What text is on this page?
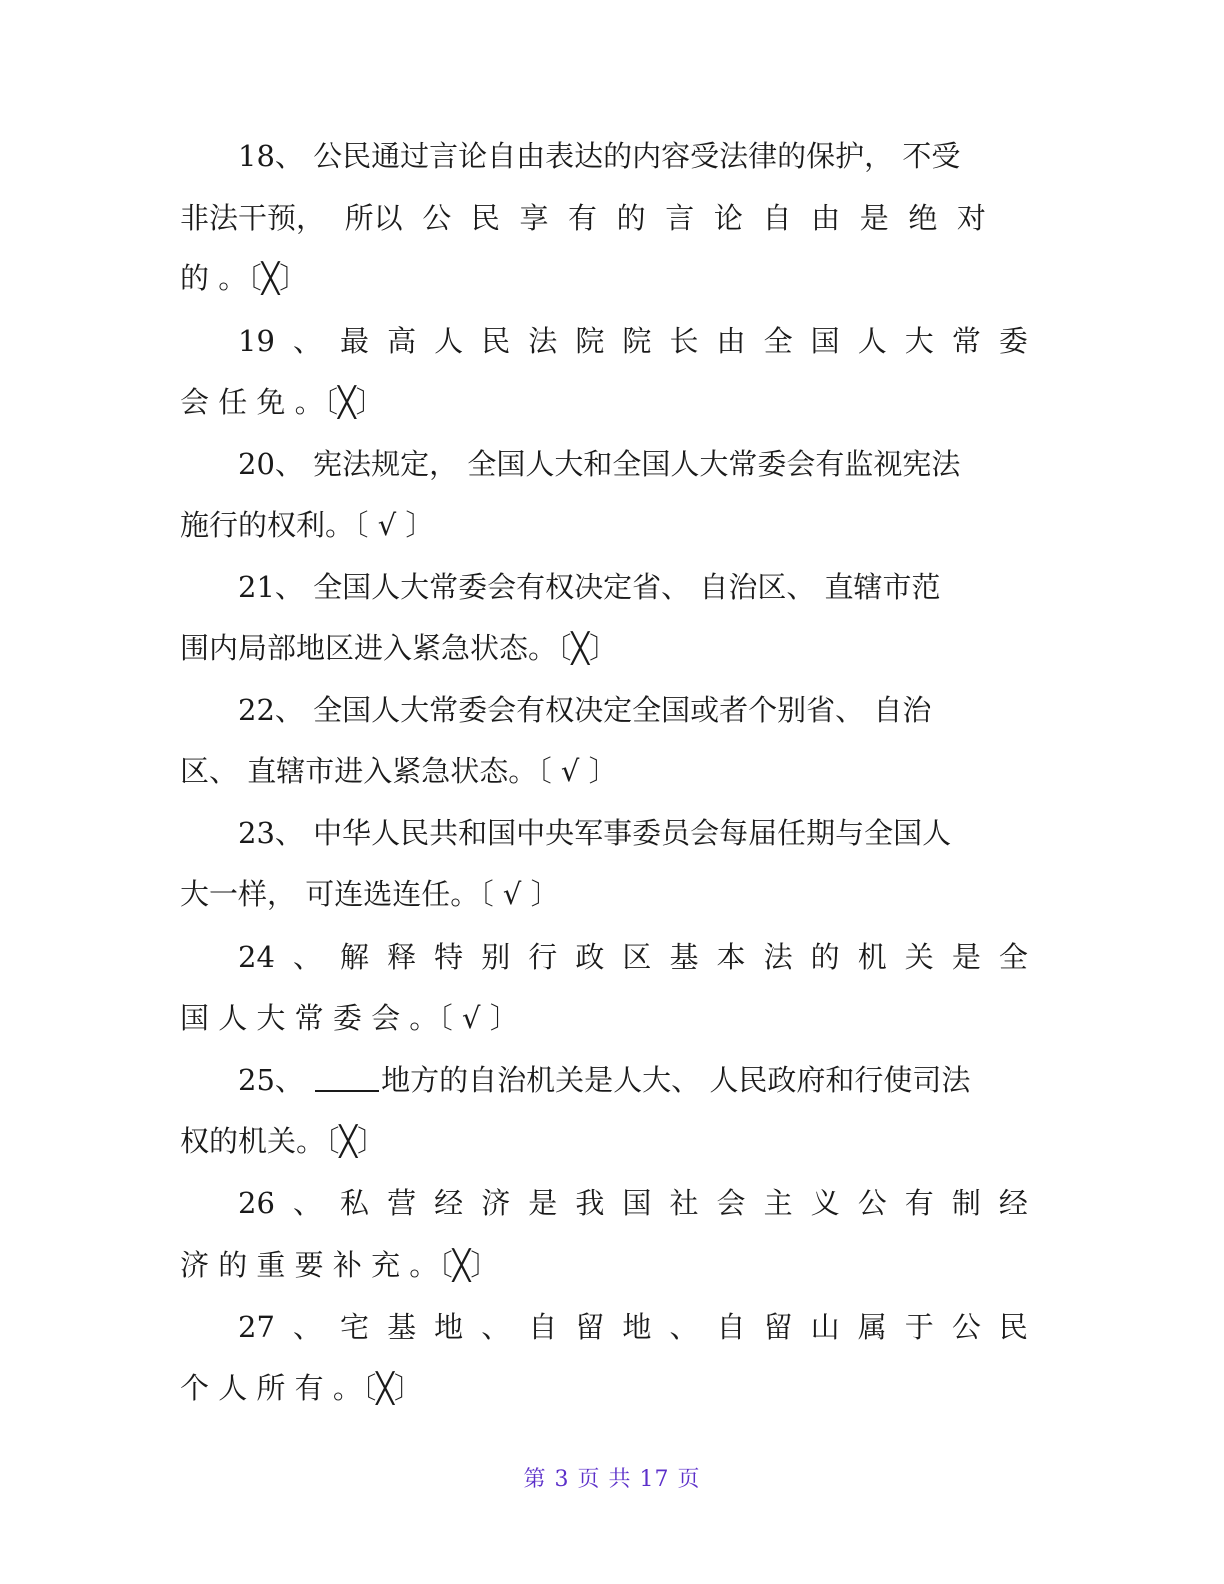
18、 公民通过言论自由表达的内容受法律的保护， 不受
非法干预， 所以 公 民 享 有 的 言 论 自 由 是 绝 对
的 。〔╳〕
19 、 最 高 人 民 法 院 院 长 由 全 国 人 大 常 委
会 任 免 。〔╳〕
20、 宪法规定， 全国人大和全国人大常委会有监视宪法
施行的权利。〔 √ 〕
21、 全国人大常委会有权决定省、 自治区、 直辖市范
围内局部地区进入紧急状态。〔╳〕
22、 全国人大常委会有权决定全国或者个别省、 自治
区、 直辖市进入紧急状态。〔 √ 〕
23、 中华人民共和国中央军事委员会每届任期与全国人
大一样， 可连选连任。〔 √ 〕
24 、 解 释 特 别 行 政 区 基 本 法 的 机 关 是 全
国 人 大 常 委 会 。〔 √ 〕
25、	地方的自治机关是人大、 人民政府和行使司法
权的机关。〔╳〕
26 、 私 营 经 济 是 我 国 社 会 主 义 公 有 制 经
济 的 重 要 补 充 。〔╳〕
27 、 宅 基 地 、 自 留 地 、 自 留 山 属 于 公 民
个 人 所 有 。〔╳〕
第 3 页 共 17 页
